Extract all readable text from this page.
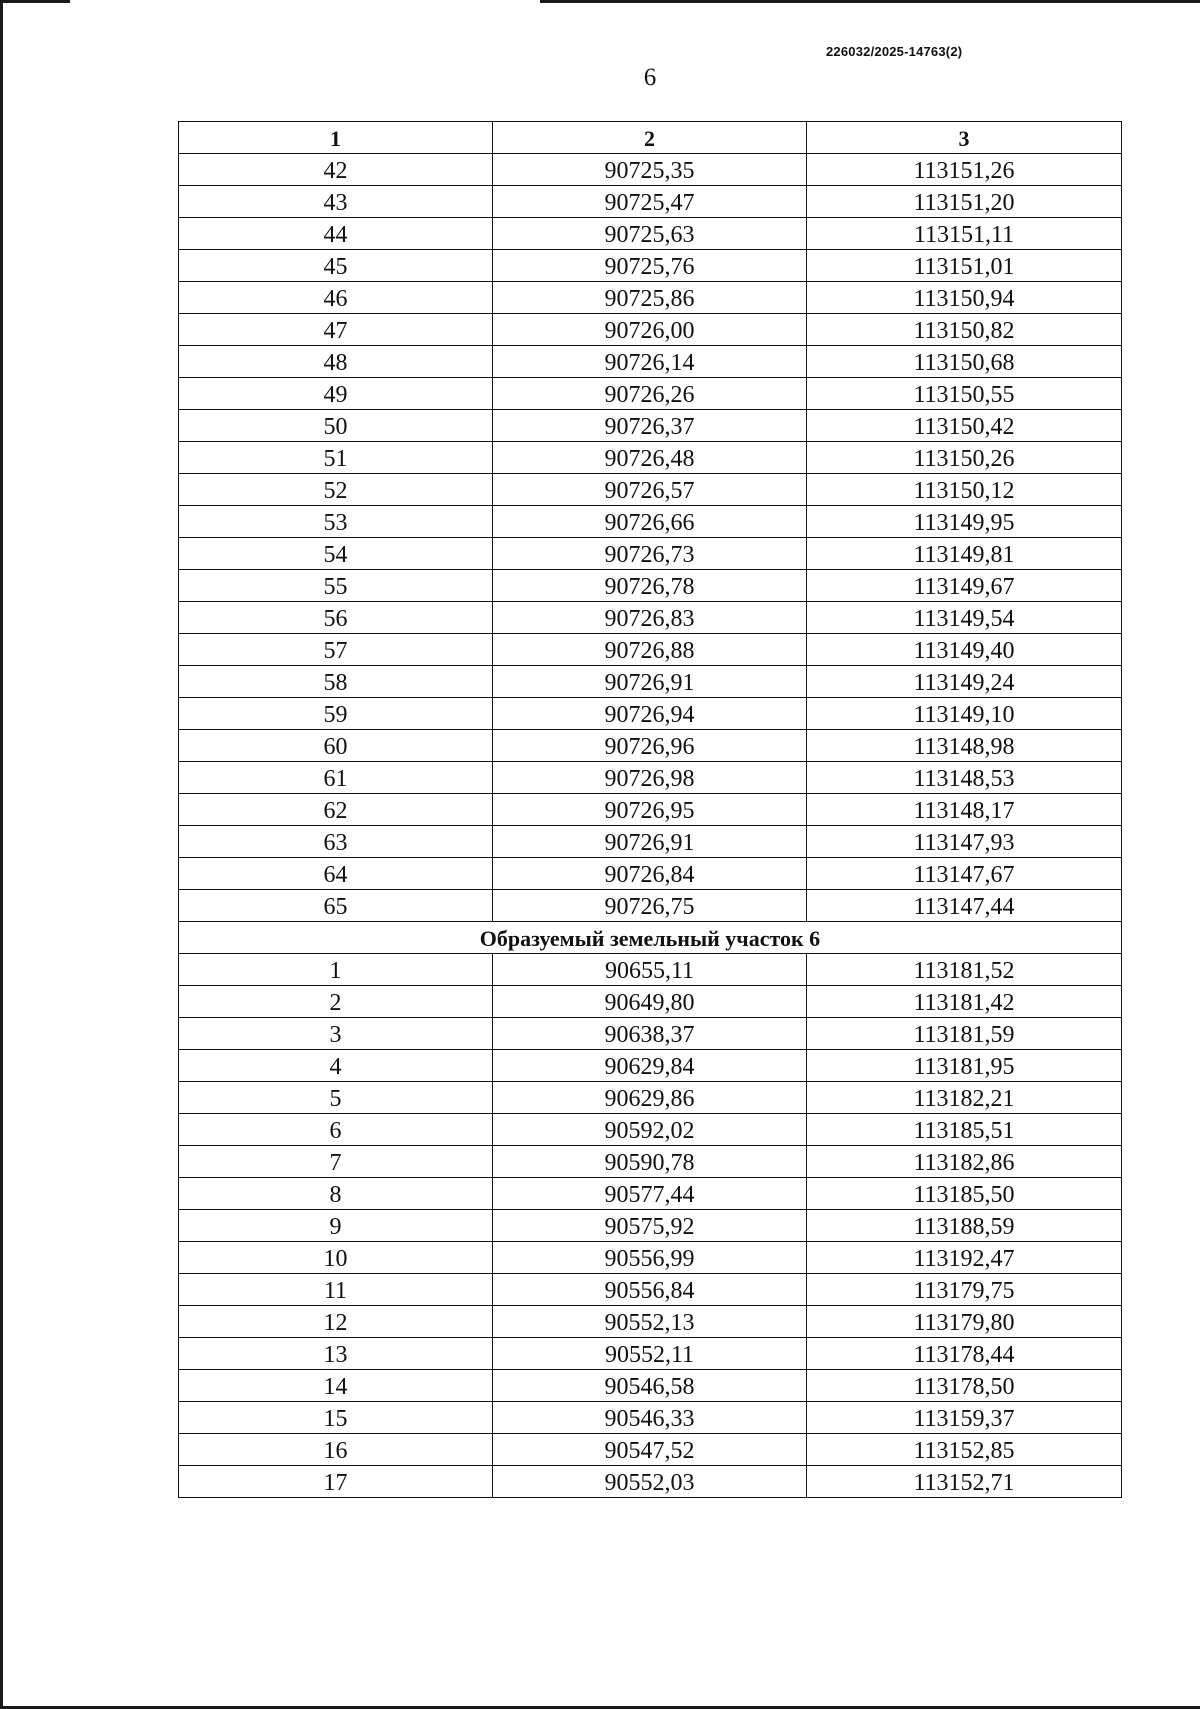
226032/2025-14763(2)
6
1	2	3
42	90725,35	113151,26
43	90725,47	113151,20
44	90725,63	113151,11
45	90725,76	113151,01
46	90725,86	113150,94
47	90726,00	113150,82
48	90726,14	113150,68
49	90726,26	113150,55
50	90726,37	113150,42
51	90726,48	113150,26
52	90726,57	113150,12
53	90726,66	113149,95
54	90726,73	113149,81
55	90726,78	113149,67
56	90726,83	113149,54
57	90726,88	113149,40
58	90726,91	113149,24
59	90726,94	113149,10
60	90726,96	113148,98
61	90726,98	113148,53
62	90726,95	113148,17
63	90726,91	113147,93
64	90726,84	113147,67
65	90726,75	113147,44
Образуемый земельный участок 6		
1	90655,11	113181,52
2	90649,80	113181,42
3	90638,37	113181,59
4	90629,84	113181,95
5	90629,86	113182,21
6	90592,02	113185,51
7	90590,78	113182,86
8	90577,44	113185,50
9	90575,92	113188,59
10	90556,99	113192,47
11	90556,84	113179,75
12	90552,13	113179,80
13	90552,11	113178,44
14	90546,58	113178,50
15	90546,33	113159,37
16	90547,52	113152,85
17	90552,03	113152,71
